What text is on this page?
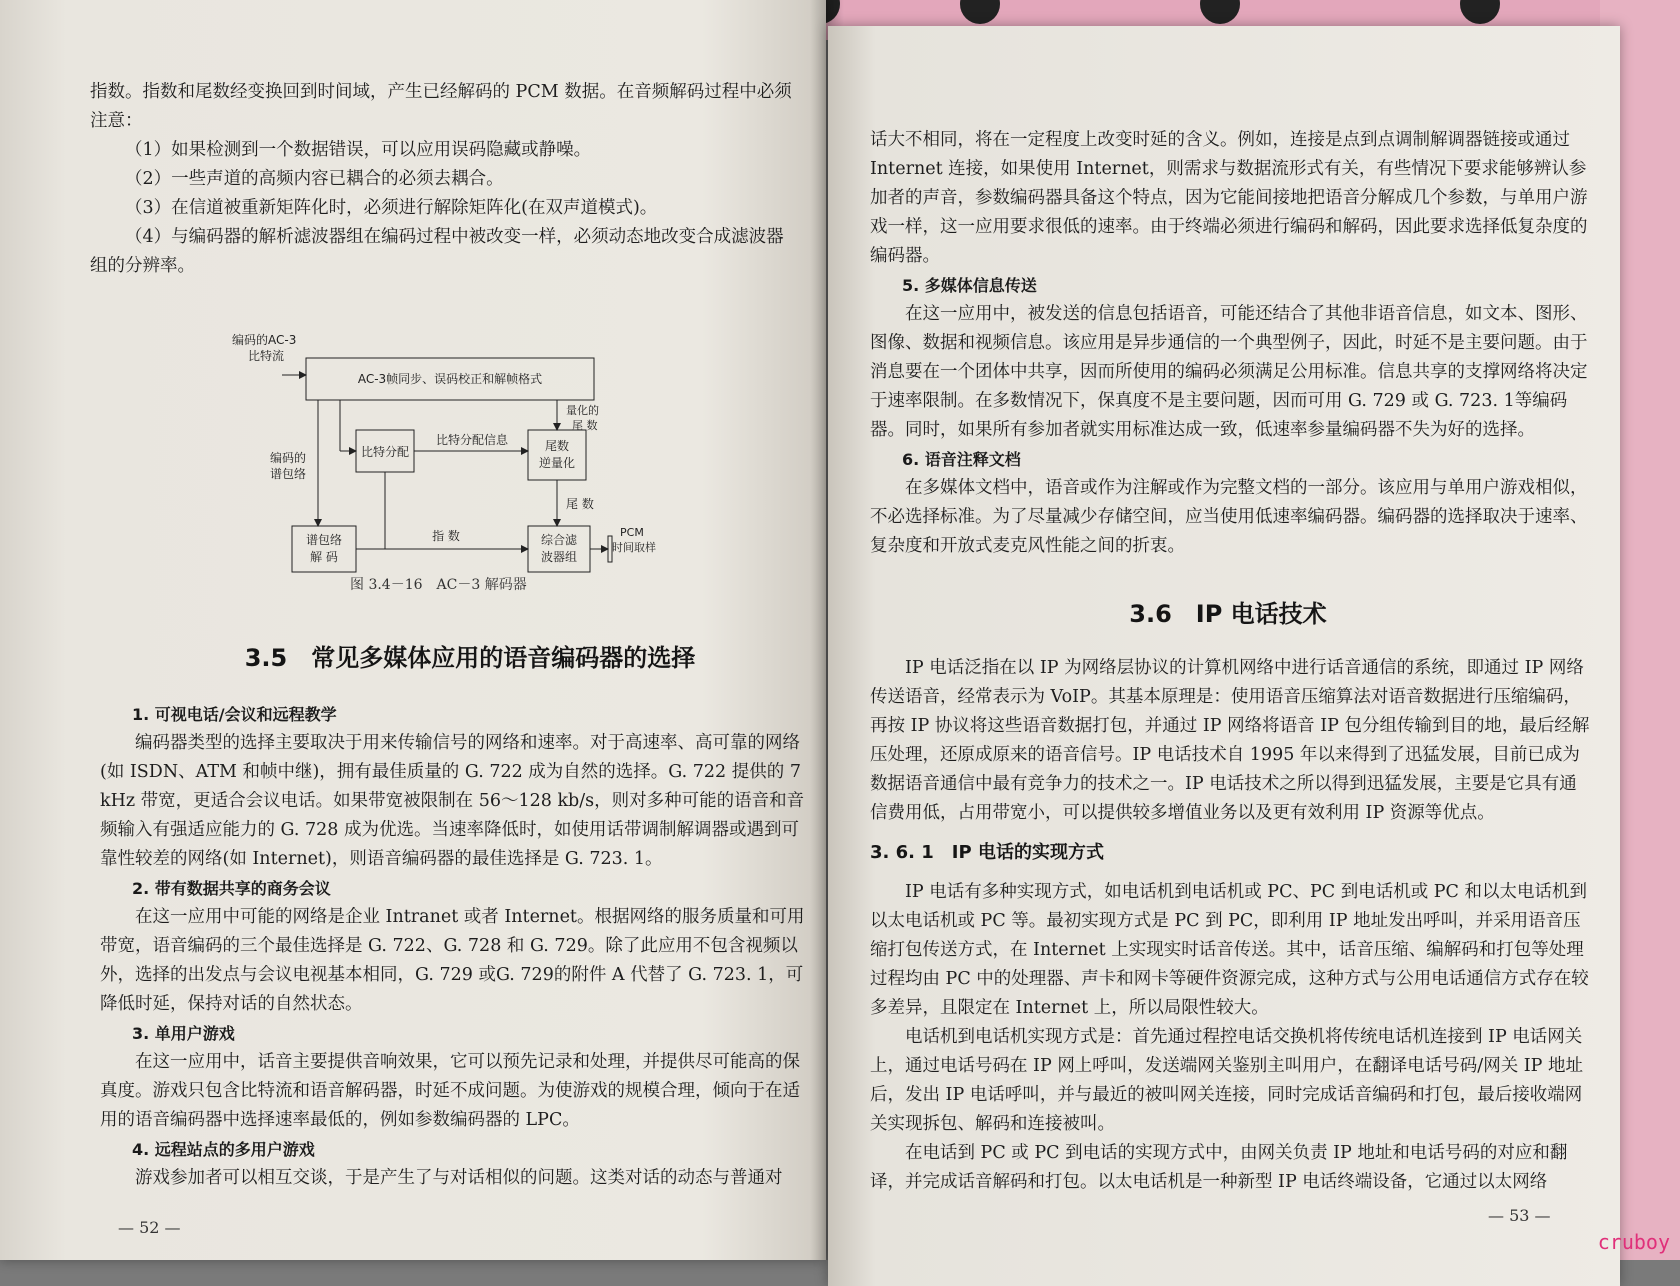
指数。指数和尾数经变换回到时间域，产生已经解码的 PCM 数据。在音频解码过程中必须

注意：

（1）如果检测到一个数据错误，可以应用误码隐藏或静噪。

（2）一些声道的高频内容已耦合的必须去耦合。

（3）在信道被重新矩阵化时，必须进行解除矩阵化(在双声道模式)。

（4）与编码器的解析滤波器组在编码过程中被改变一样，必须动态地改变合成滤波器

组的分辨率。

编码的AC-3 比特流
AC-3帧同步、误码校正和解帧格式
比特分配
比特分配信息	尾数逆量化
量化的尾 数
编码的谱包络
谱包络解 码
指 数	综合滤波器组
尾 数
PCM 时间取样
图 3.4－16　AC－3 解码器
3.5　常见多媒体应用的语音编码器的选择

1. 可视电话/会议和远程教学

编码器类型的选择主要取决于用来传输信号的网络和速率。对于高速率、高可靠的网络(如 ISDN、ATM 和帧中继)，拥有最佳质量的 G. 722 成为自然的选择。G. 722 提供的 7 kHz 带宽，更适合会议电话。如果带宽被限制在 56～128 kb/s，则对多种可能的语音和音频输入有强适应能力的 G. 728 成为优选。当速率降低时，如使用话带调制解调器或遇到可靠性较差的网络(如 Internet)，则语音编码器的最佳选择是 G. 723. 1。

2. 带有数据共享的商务会议

在这一应用中可能的网络是企业 Intranet 或者 Internet。根据网络的服务质量和可用带宽，语音编码的三个最佳选择是 G. 722、G. 728 和 G. 729。除了此应用不包含视频以外，选择的出发点与会议电视基本相同，G. 729 或G. 729的附件 A 代替了 G. 723. 1，可降低时延，保持对话的自然状态。

3. 单用户游戏

在这一应用中，话音主要提供音响效果，它可以预先记录和处理，并提供尽可能高的保真度。游戏只包含比特流和语音解码器，时延不成问题。为使游戏的规模合理，倾向于在适用的语音编码器中选择速率最低的，例如参数编码器的 LPC。

4. 远程站点的多用户游戏

游戏参加者可以相互交谈，于是产生了与对话相似的问题。这类对话的动态与普通对

— 52 —

话大不相同，将在一定程度上改变时延的含义。例如，连接是点到点调制解调器链接或通过 Internet 连接，如果使用 Internet，则需求与数据流形式有关，有些情况下要求能够辨认参加者的声音，参数编码器具备这个特点，因为它能间接地把语音分解成几个参数，与单用户游戏一样，这一应用要求很低的速率。由于终端必须进行编码和解码，因此要求选择低复杂度的编码器。

5. 多媒体信息传送

在这一应用中，被发送的信息包括语音，可能还结合了其他非语音信息，如文本、图形、图像、数据和视频信息。该应用是异步通信的一个典型例子，因此，时延不是主要问题。由于消息要在一个团体中共享，因而所使用的编码必须满足公用标准。信息共享的支撑网络将决定于速率限制。在多数情况下，保真度不是主要问题，因而可用 G. 729 或 G. 723. 1等编码器。同时，如果所有参加者就实用标准达成一致，低速率参量编码器不失为好的选择。

6. 语音注释文档

在多媒体文档中，语音或作为注解或作为完整文档的一部分。该应用与单用户游戏相似，不必选择标准。为了尽量减少存储空间，应当使用低速率编码器。编码器的选择取决于速率、复杂度和开放式麦克风性能之间的折衷。

3.6　IP 电话技术

IP 电话泛指在以 IP 为网络层协议的计算机网络中进行话音通信的系统，即通过 IP 网络传送语音，经常表示为 VoIP。其基本原理是：使用语音压缩算法对语音数据进行压缩编码，再按 IP 协议将这些语音数据打包，并通过 IP 网络将语音 IP 包分组传输到目的地，最后经解压处理，还原成原来的语音信号。IP 电话技术自 1995 年以来得到了迅猛发展，目前已成为数据语音通信中最有竞争力的技术之一。IP 电话技术之所以得到迅猛发展，主要是它具有通信费用低，占用带宽小，可以提供较多增值业务以及更有效利用 IP 资源等优点。

3. 6. 1　IP 电话的实现方式

IP 电话有多种实现方式，如电话机到电话机或 PC、PC 到电话机或 PC 和以太电话机到以太电话机或 PC 等。最初实现方式是 PC 到 PC，即利用 IP 地址发出呼叫，并采用语音压缩打包传送方式，在 Internet 上实现实时话音传送。其中，话音压缩、编解码和打包等处理过程均由 PC 中的处理器、声卡和网卡等硬件资源完成，这种方式与公用电话通信方式存在较多差异，且限定在 Internet 上，所以局限性较大。

电话机到电话机实现方式是：首先通过程控电话交换机将传统电话机连接到 IP 电话网关上，通过电话号码在 IP 网上呼叫，发送端网关鉴别主叫用户，在翻译电话号码/网关 IP 地址后，发出 IP 电话呼叫，并与最近的被叫网关连接，同时完成话音编码和打包，最后接收端网关实现拆包、解码和连接被叫。

在电话到 PC 或 PC 到电话的实现方式中，由网关负责 IP 地址和电话号码的对应和翻译，并完成话音解码和打包。以太电话机是一种新型 IP 电话终端设备，它通过以太网络

— 53 —
cruboy
